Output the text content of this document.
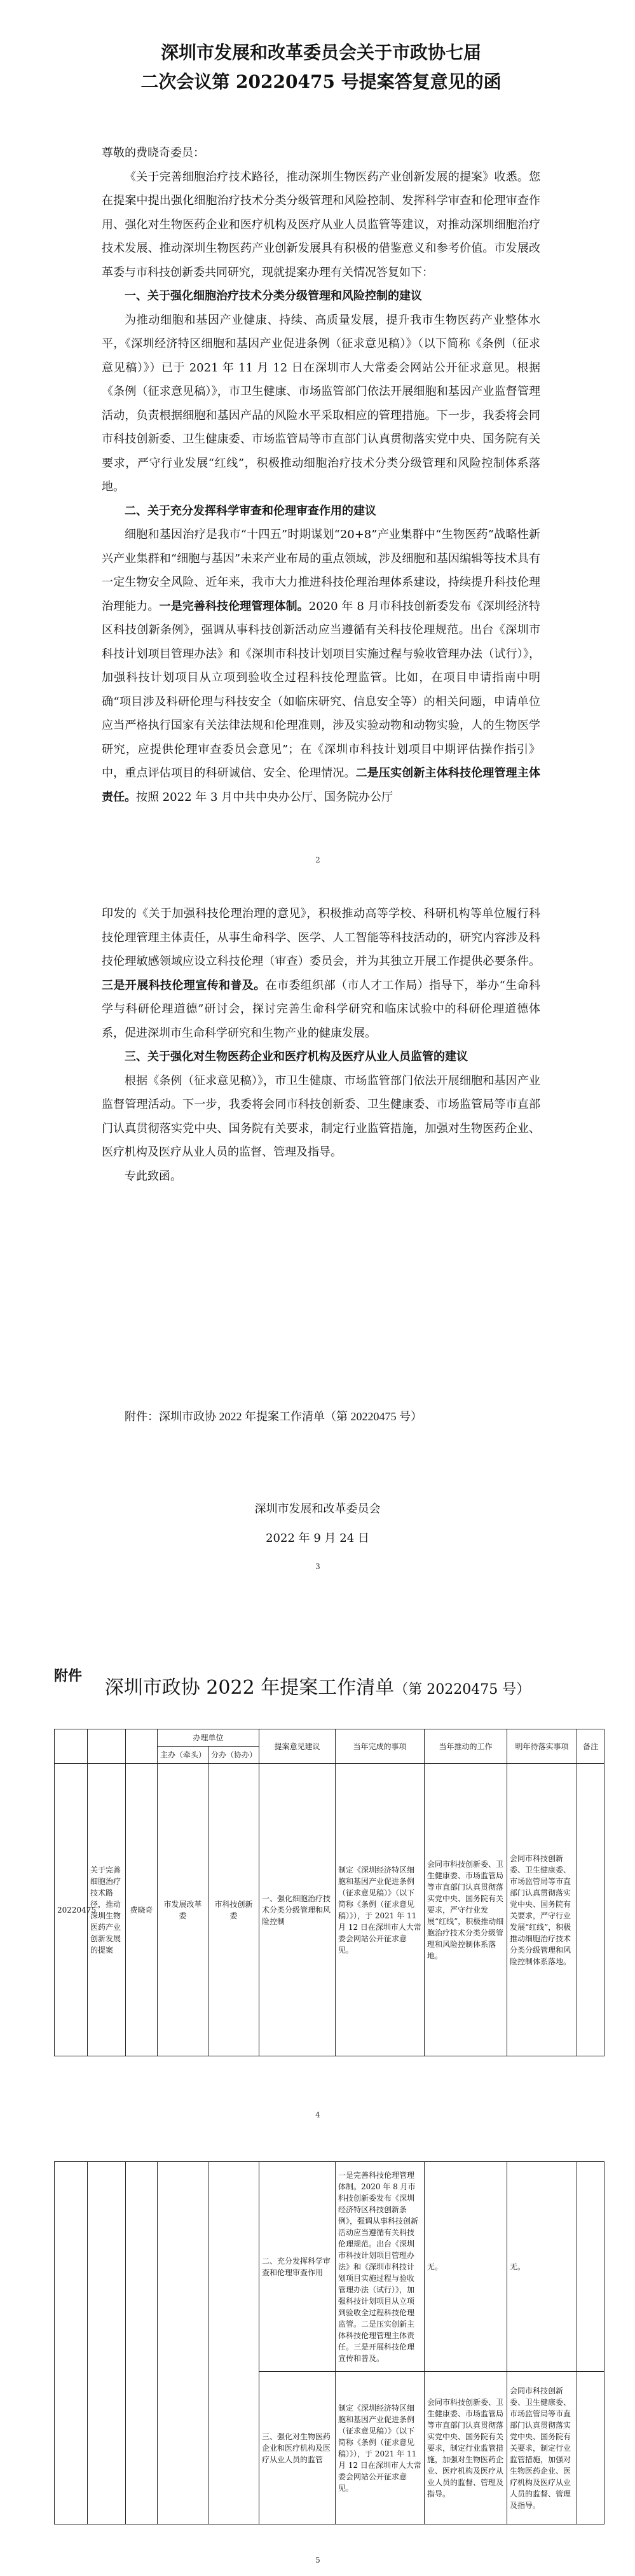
深圳市发展和改革委员会关于市政协七届
二次会议第 20220475 号提案答复意见的函

尊敬的费晓奇委员：

《关于完善细胞治疗技术路径，推动深圳生物医药产业创新发展的提案》收悉。您在提案中提出强化细胞治疗技术分类分级管理和风险控制、发挥科学审查和伦理审查作用、强化对生物医药企业和医疗机构及医疗从业人员监管等建议，对推动深圳细胞治疗技术发展、推动深圳生物医药产业创新发展具有积极的借鉴意义和参考价值。市发展改革委与市科技创新委共同研究，现就提案办理有关情况答复如下：

一、关于强化细胞治疗技术分类分级管理和风险控制的建议

为推动细胞和基因产业健康、持续、高质量发展，提升我市生物医药产业整体水平，《深圳经济特区细胞和基因产业促进条例（征求意见稿）》（以下简称《条例（征求意见稿）》）已于 2021 年 11 月 12 日在深圳市人大常委会网站公开征求意见。根据《条例（征求意见稿）》，市卫生健康、市场监管部门依法开展细胞和基因产业监督管理活动，负责根据细胞和基因产品的风险水平采取相应的管理措施。下一步，我委将会同市科技创新委、卫生健康委、市场监管局等市直部门认真贯彻落实党中央、国务院有关要求，严守行业发展“红线”，积极推动细胞治疗技术分类分级管理和风险控制体系落地。

二、关于充分发挥科学审查和伦理审查作用的建议

细胞和基因治疗是我市“十四五”时期谋划“20+8”产业集群中“生物医药”战略性新兴产业集群和“细胞与基因”未来产业布局的重点领域，涉及细胞和基因编辑等技术具有一定生物安全风险、近年来，我市大力推进科技伦理治理体系建设，持续提升科技伦理治理能力。一是完善科技伦理管理体制。2020 年 8 月市科技创新委发布《深圳经济特区科技创新条例》，强调从事科技创新活动应当遵循有关科技伦理规范。出台《深圳市科技计划项目管理办法》和《深圳市科技计划项目实施过程与验收管理办法（试行）》，加强科技计划项目从立项到验收全过程科技伦理监管。比如，在项目申请指南中明确“项目涉及科研伦理与科技安全（如临床研究、信息安全等）的相关问题，申请单位应当严格执行国家有关法律法规和伦理准则，涉及实验动物和动物实验，人的生物医学研究，应提供伦理审查委员会意见”；在《深圳市科技计划项目中期评估操作指引》中，重点评估项目的科研诚信、安全、伦理情况。二是压实创新主体科技伦理管理主体责任。按照 2022 年 3 月中共中央办公厅、国务院办公厅

2

印发的《关于加强科技伦理治理的意见》，积极推动高等学校、科研机构等单位履行科技伦理管理主体责任，从事生命科学、医学、人工智能等科技活动的，研究内容涉及科技伦理敏感领域应设立科技伦理（审查）委员会，并为其独立开展工作提供必要条件。三是开展科技伦理宣传和普及。在市委组织部（市人才工作局）指导下，举办“生命科学与科研伦理道德”研讨会，探讨完善生命科学研究和临床试验中的科研伦理道德体系，促进深圳市生命科学研究和生物产业的健康发展。

三、关于强化对生物医药企业和医疗机构及医疗从业人员监管的建议

根据《条例（征求意见稿）》，市卫生健康、市场监管部门依法开展细胞和基因产业监督管理活动。下一步，我委将会同市科技创新委、卫生健康委、市场监管局等市直部门认真贯彻落实党中央、国务院有关要求，制定行业监管措施，加强对生物医药企业、医疗机构及医疗从业人员的监督、管理及指导。

专此致函。

附件：深圳市政协 2022 年提案工作清单（第 20220475 号）
深圳市发展和改革委员会
2022 年 9 月 24 日
3
附件
深圳市政协 2022 年提案工作清单（第 20220475 号）
			办理单位		提案意见建议	当年完成的事项	当年推动的工作	明年待落实事项	备注
			主办（牵头）	分办（协办）					
20220475	关于完善细胞治疗技术路径，推动深圳生物医药产业创新发展的提案	费晓奇	市发展改革委	市科技创新委	一、强化细胞治疗技术分类分级管理和风险控制	制定《深圳经济特区细胞和基因产业促进条例（征求意见稿）》（以下简称《条例（征求意见稿）》），于 2021 年 11 月 12 日在深圳市人大常委会网站公开征求意见。	会同市科技创新委、卫生健康委、市场监管局等市直部门认真贯彻落实党中央、国务院有关要求，严守行业发展“红线”，积极推动细胞治疗技术分类分级管理和风险控制体系落地。	会同市科技创新委、卫生健康委、市场监管局等市直部门认真贯彻落实党中央、国务院有关要求，严守行业发展“红线”，积极推动细胞治疗技术分类分级管理和风险控制体系落地。	
4
					二、充分发挥科学审查和伦理审查作用	一是完善科技伦理管理体制。2020 年 8 月市科技创新委发布《深圳经济特区科技创新条例》，强调从事科技创新活动应当遵循有关科技伦理规范。出台《深圳市科技计划项目管理办法》和《深圳市科技计划项目实施过程与验收管理办法（试行）》，加强科技计划项目从立项到验收全过程科技伦理监管。二是压实创新主体科技伦理管理主体责任。三是开展科技伦理宣传和普及。	无。	无。	
					三、强化对生物医药企业和医疗机构及医疗从业人员的监管	制定《深圳经济特区细胞和基因产业促进条例（征求意见稿）》（以下简称《条例（征求意见稿）》），于 2021 年 11 月 12 日在深圳市人大常委会网站公开征求意见。	会同市科技创新委、卫生健康委、市场监管局等市直部门认真贯彻落实党中央、国务院有关要求，制定行业监管措施，加强对生物医药企业、医疗机构及医疗从业人员的监督、管理及指导。	会同市科技创新委、卫生健康委、市场监管局等市直部门认真贯彻落实党中央、国务院有关要求，制定行业监管措施，加强对生物医药企业、医疗机构及医疗从业人员的监督、管理及指导。	
5
